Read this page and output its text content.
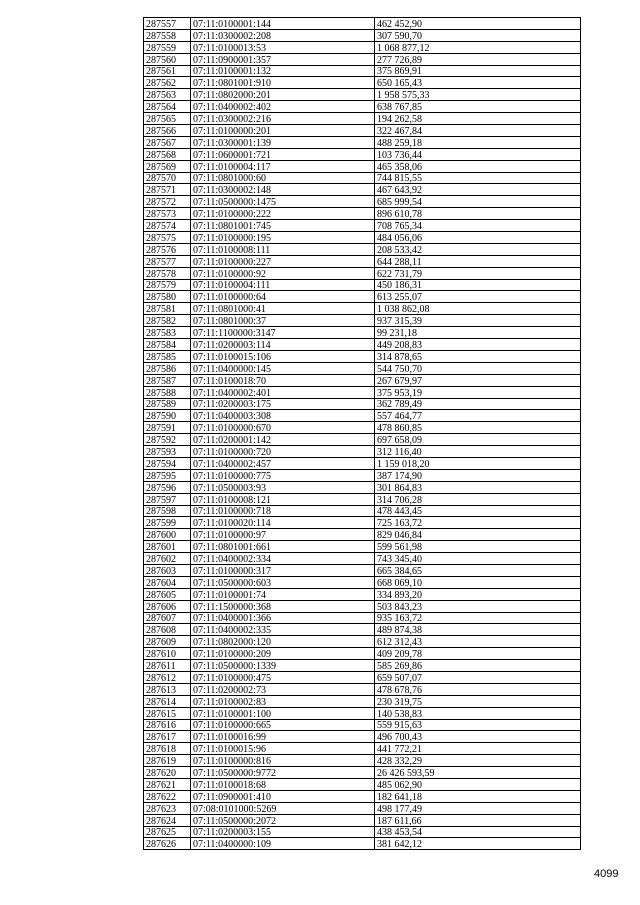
287557	07:11:0100001:144	462 452,90
287558	07:11:0300002:208	307 590,70
287559	07:11:0100013:53	1 068 877,12
287560	07:11:0900001:357	277 726,89
287561	07:11:0100001:132	375 869,91
287562	07:11:0801001:910	650 165,43
287563	07:11:0802000:201	1 958 575,33
287564	07:11:0400002:402	638 767,85
287565	07:11:0300002:216	194 262,58
287566	07:11:0100000:201	322 467,84
287567	07:11:0300001:139	488 259,18
287568	07:11:0600001:721	103 736,44
287569	07:11:0100004:117	465 358,06
287570	07:11:0801000:60	744 815,55
287571	07:11:0300002:148	467 643,92
287572	07:11:0500000:1475	685 999,54
287573	07:11:0100000:222	896 610,78
287574	07:11:0801001:745	708 765,34
287575	07:11:0100000:195	484 056,06
287576	07:11:0100008:111	208 533,42
287577	07:11:0100000:227	644 288,11
287578	07:11:0100000:92	622 731,79
287579	07:11:0100004:111	450 186,31
287580	07:11:0100000:64	613 255,07
287581	07:11:0801000:41	1 038 862,08
287582	07:11:0801000:37	937 315,39
287583	07:11:1100000:3147	99 231,18
287584	07:11:0200003:114	449 208,83
287585	07:11:0100015:106	314 878,65
287586	07:11:0400000:145	544 750,70
287587	07:11:0100018:70	267 679,97
287588	07:11:0400002:401	375 953,19
287589	07:11:0200003:175	362 789,49
287590	07:11:0400003:308	557 464,77
287591	07:11:0100000:670	478 860,85
287592	07:11:0200001:142	697 658,09
287593	07:11:0100000:720	312 116,40
287594	07:11:0400002:457	1 159 018,20
287595	07:11:0100000:775	387 174,90
287596	07:11:0500003:93	301 864,83
287597	07:11:0100008:121	314 706,28
287598	07:11:0100000:718	478 443,45
287599	07:11:0100020:114	725 163,72
287600	07:11:0100000:97	829 046,84
287601	07:11:0801001:661	599 561,98
287602	07:11:0400002:334	743 345,40
287603	07:11:0100000:317	665 384,65
287604	07:11:0500000:603	668 069,10
287605	07:11:0100001:74	334 893,20
287606	07:11:1500000:368	503 843,23
287607	07:11:0400001:366	935 163,72
287608	07:11:0400002:335	489 874,38
287609	07:11:0802000:120	612 312,43
287610	07:11:0100000:209	409 209,78
287611	07:11:0500000:1339	585 269,86
287612	07:11:0100000:475	659 507,07
287613	07:11:0200002:73	478 678,76
287614	07:11:0100002:83	230 319,75
287615	07:11:0100001:100	140 538,83
287616	07:11:0100000:665	559 915,63
287617	07:11:0100016:99	496 700,43
287618	07:11:0100015:96	441 772,21
287619	07:11:0100000:816	428 332,29
287620	07:11:0500000:9772	26 426 593,59
287621	07:11:0100018:68	485 062,90
287622	07:11:0900001:410	182 641,18
287623	07:08:0101000:5269	498 177,49
287624	07:11:0500000:2072	187 611,66
287625	07:11:0200003:155	438 453,54
287626	07:11:0400000:109	381 642,12
4099
